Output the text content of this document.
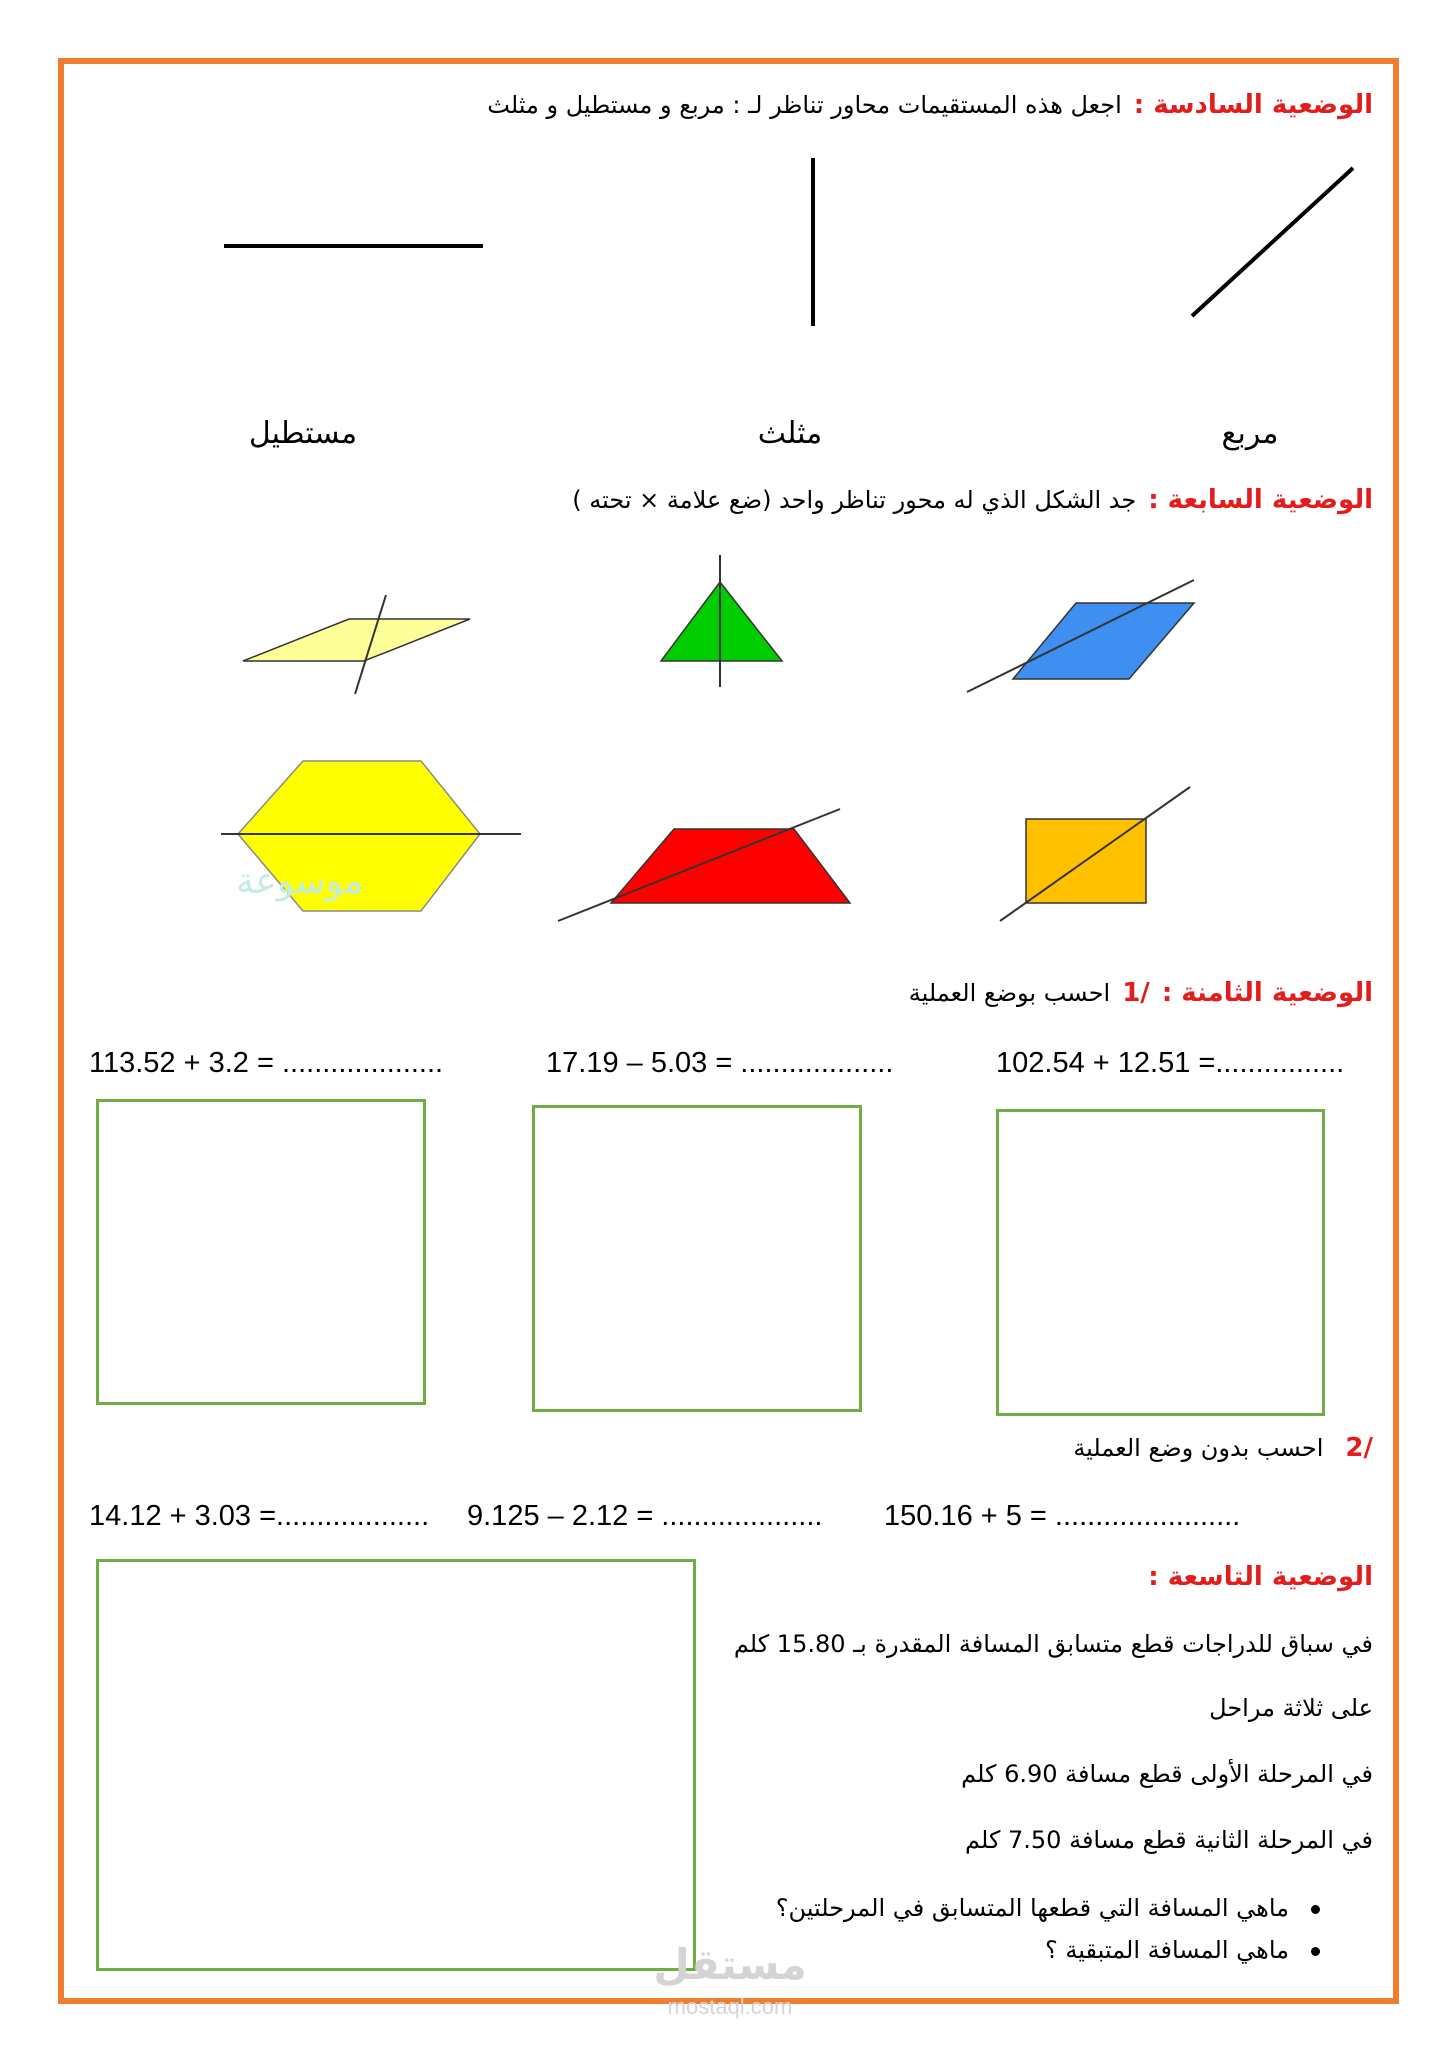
موسوعة
الوضعية السادسة :اجعل هذه المستقيمات محاور تناظر لـ : مربع و مستطيل و مثلث
مربع
مثلث
مستطيل
الوضعية السابعة :جد الشكل الذي له محور تناظر واحد (ضع علامة × تحته )
الوضعية الثامنة :1/احسب بوضع العملية
102.54 + 12.51 =................
17.19 – 5.03 = ...................
113.52 + 3.2 = ....................
2/احسب بدون وضع العملية
150.16 + 5 = .......................
9.125 – 2.12 = ....................
14.12 + 3.03 =...................
الوضعية التاسعة :
في سباق للدراجات قطع متسابق المسافة المقدرة بـ 15.80 كلم
على ثلاثة مراحل
في المرحلة الأولى قطع مسافة 6.90 كلم
في المرحلة الثانية قطع مسافة 7.50 كلم
ماهي المسافة التي قطعها المتسابق في المرحلتين؟
ماهي المسافة المتبقية ؟
مستقل
mostaql.com
